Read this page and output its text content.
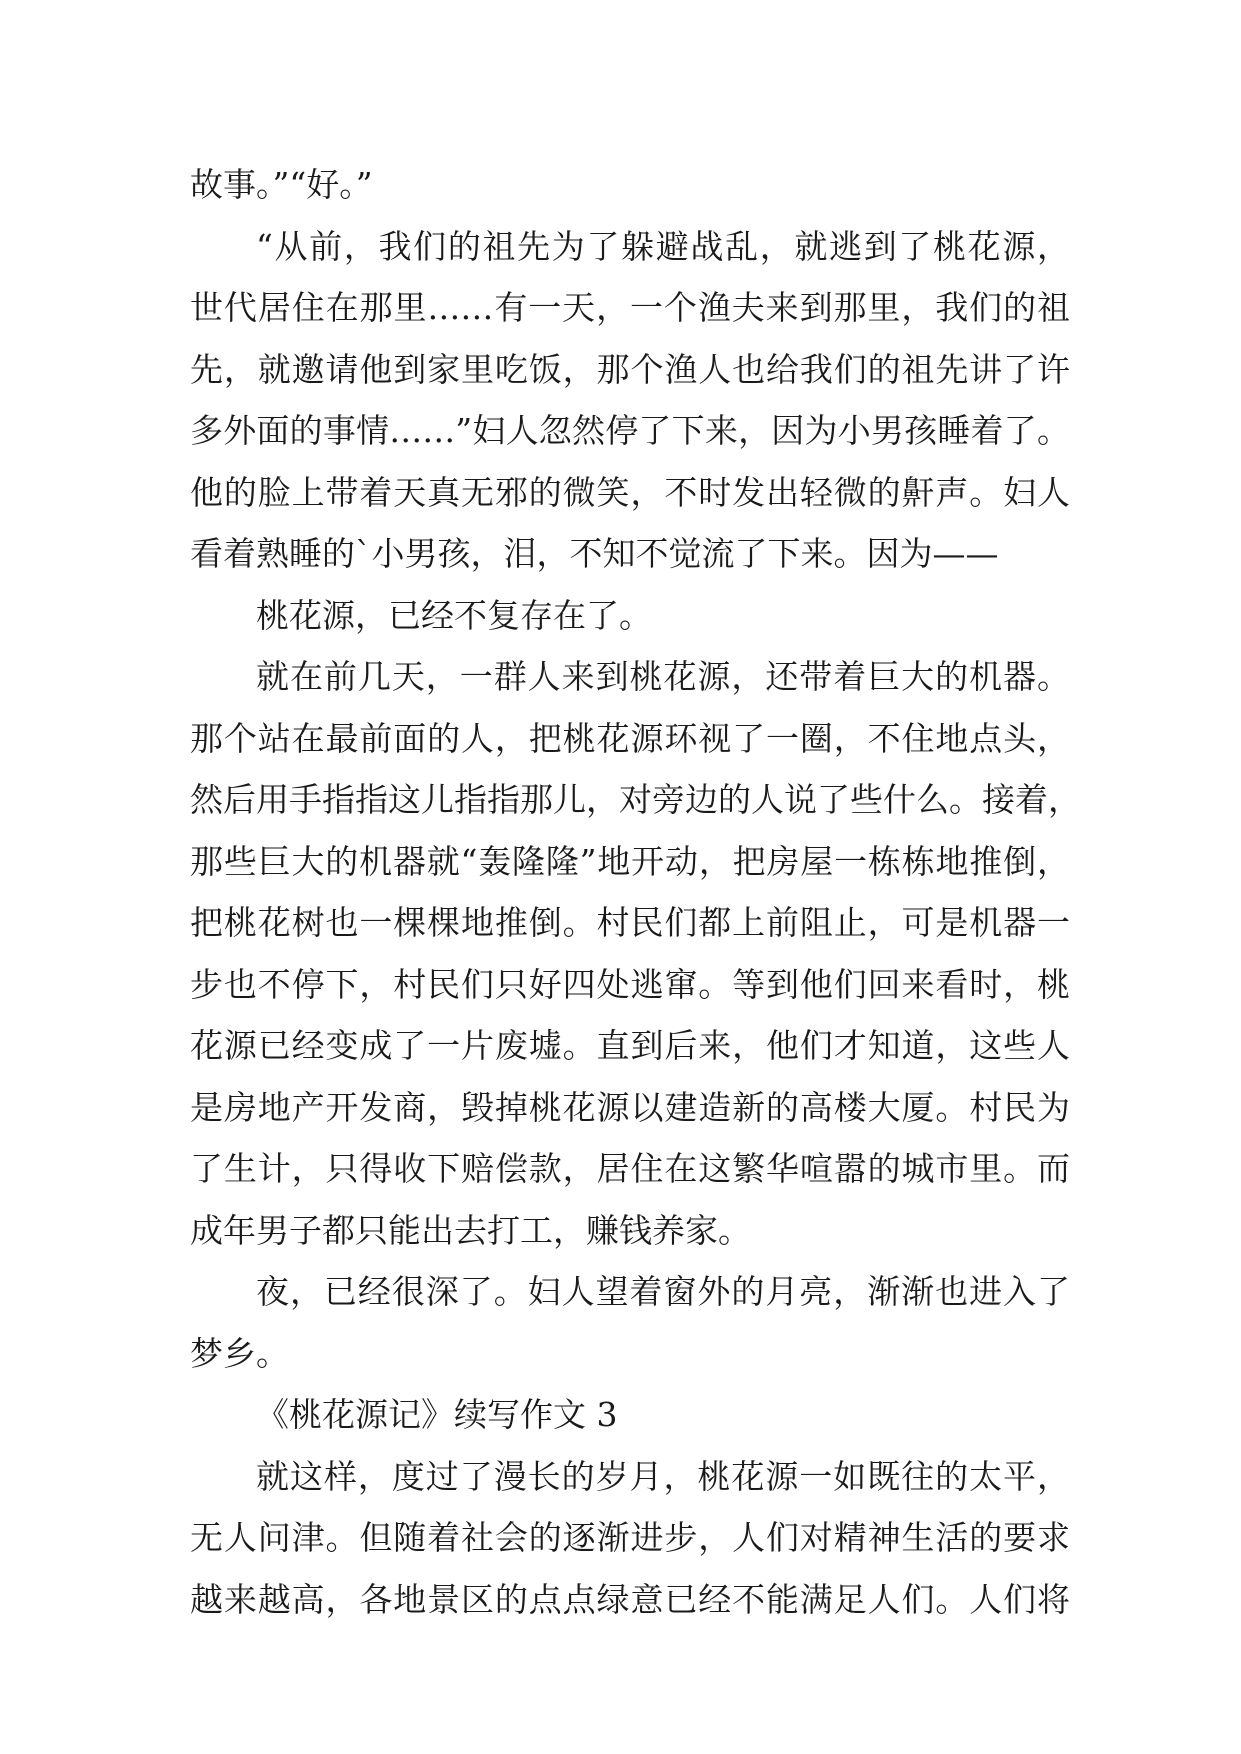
故事。”“好。”
“从前，我们的祖先为了躲避战乱，就逃到了桃花源，
世代居住在那里……有一天，一个渔夫来到那里，我们的祖
先，就邀请他到家里吃饭，那个渔人也给我们的祖先讲了许
多外面的事情……”妇人忽然停了下来，因为小男孩睡着了。
他的脸上带着天真无邪的微笑，不时发出轻微的鼾声。妇人
看着熟睡的`小男孩，泪，不知不觉流了下来。因为——
桃花源，已经不复存在了。
就在前几天，一群人来到桃花源，还带着巨大的机器。
那个站在最前面的人，把桃花源环视了一圈，不住地点头，
然后用手指指这儿指指那儿，对旁边的人说了些什么。接着，
那些巨大的机器就“轰隆隆”地开动，把房屋一栋栋地推倒，
把桃花树也一棵棵地推倒。村民们都上前阻止，可是机器一
步也不停下，村民们只好四处逃窜。等到他们回来看时，桃
花源已经变成了一片废墟。直到后来，他们才知道，这些人
是房地产开发商，毁掉桃花源以建造新的高楼大厦。村民为
了生计，只得收下赔偿款，居住在这繁华喧嚣的城市里。而
成年男子都只能出去打工，赚钱养家。
夜，已经很深了。妇人望着窗外的月亮，渐渐也进入了
梦乡。
《桃花源记》续写作文 3
就这样，度过了漫长的岁月，桃花源一如既往的太平，
无人问津。但随着社会的逐渐进步，人们对精神生活的要求
越来越高，各地景区的点点绿意已经不能满足人们。人们将
